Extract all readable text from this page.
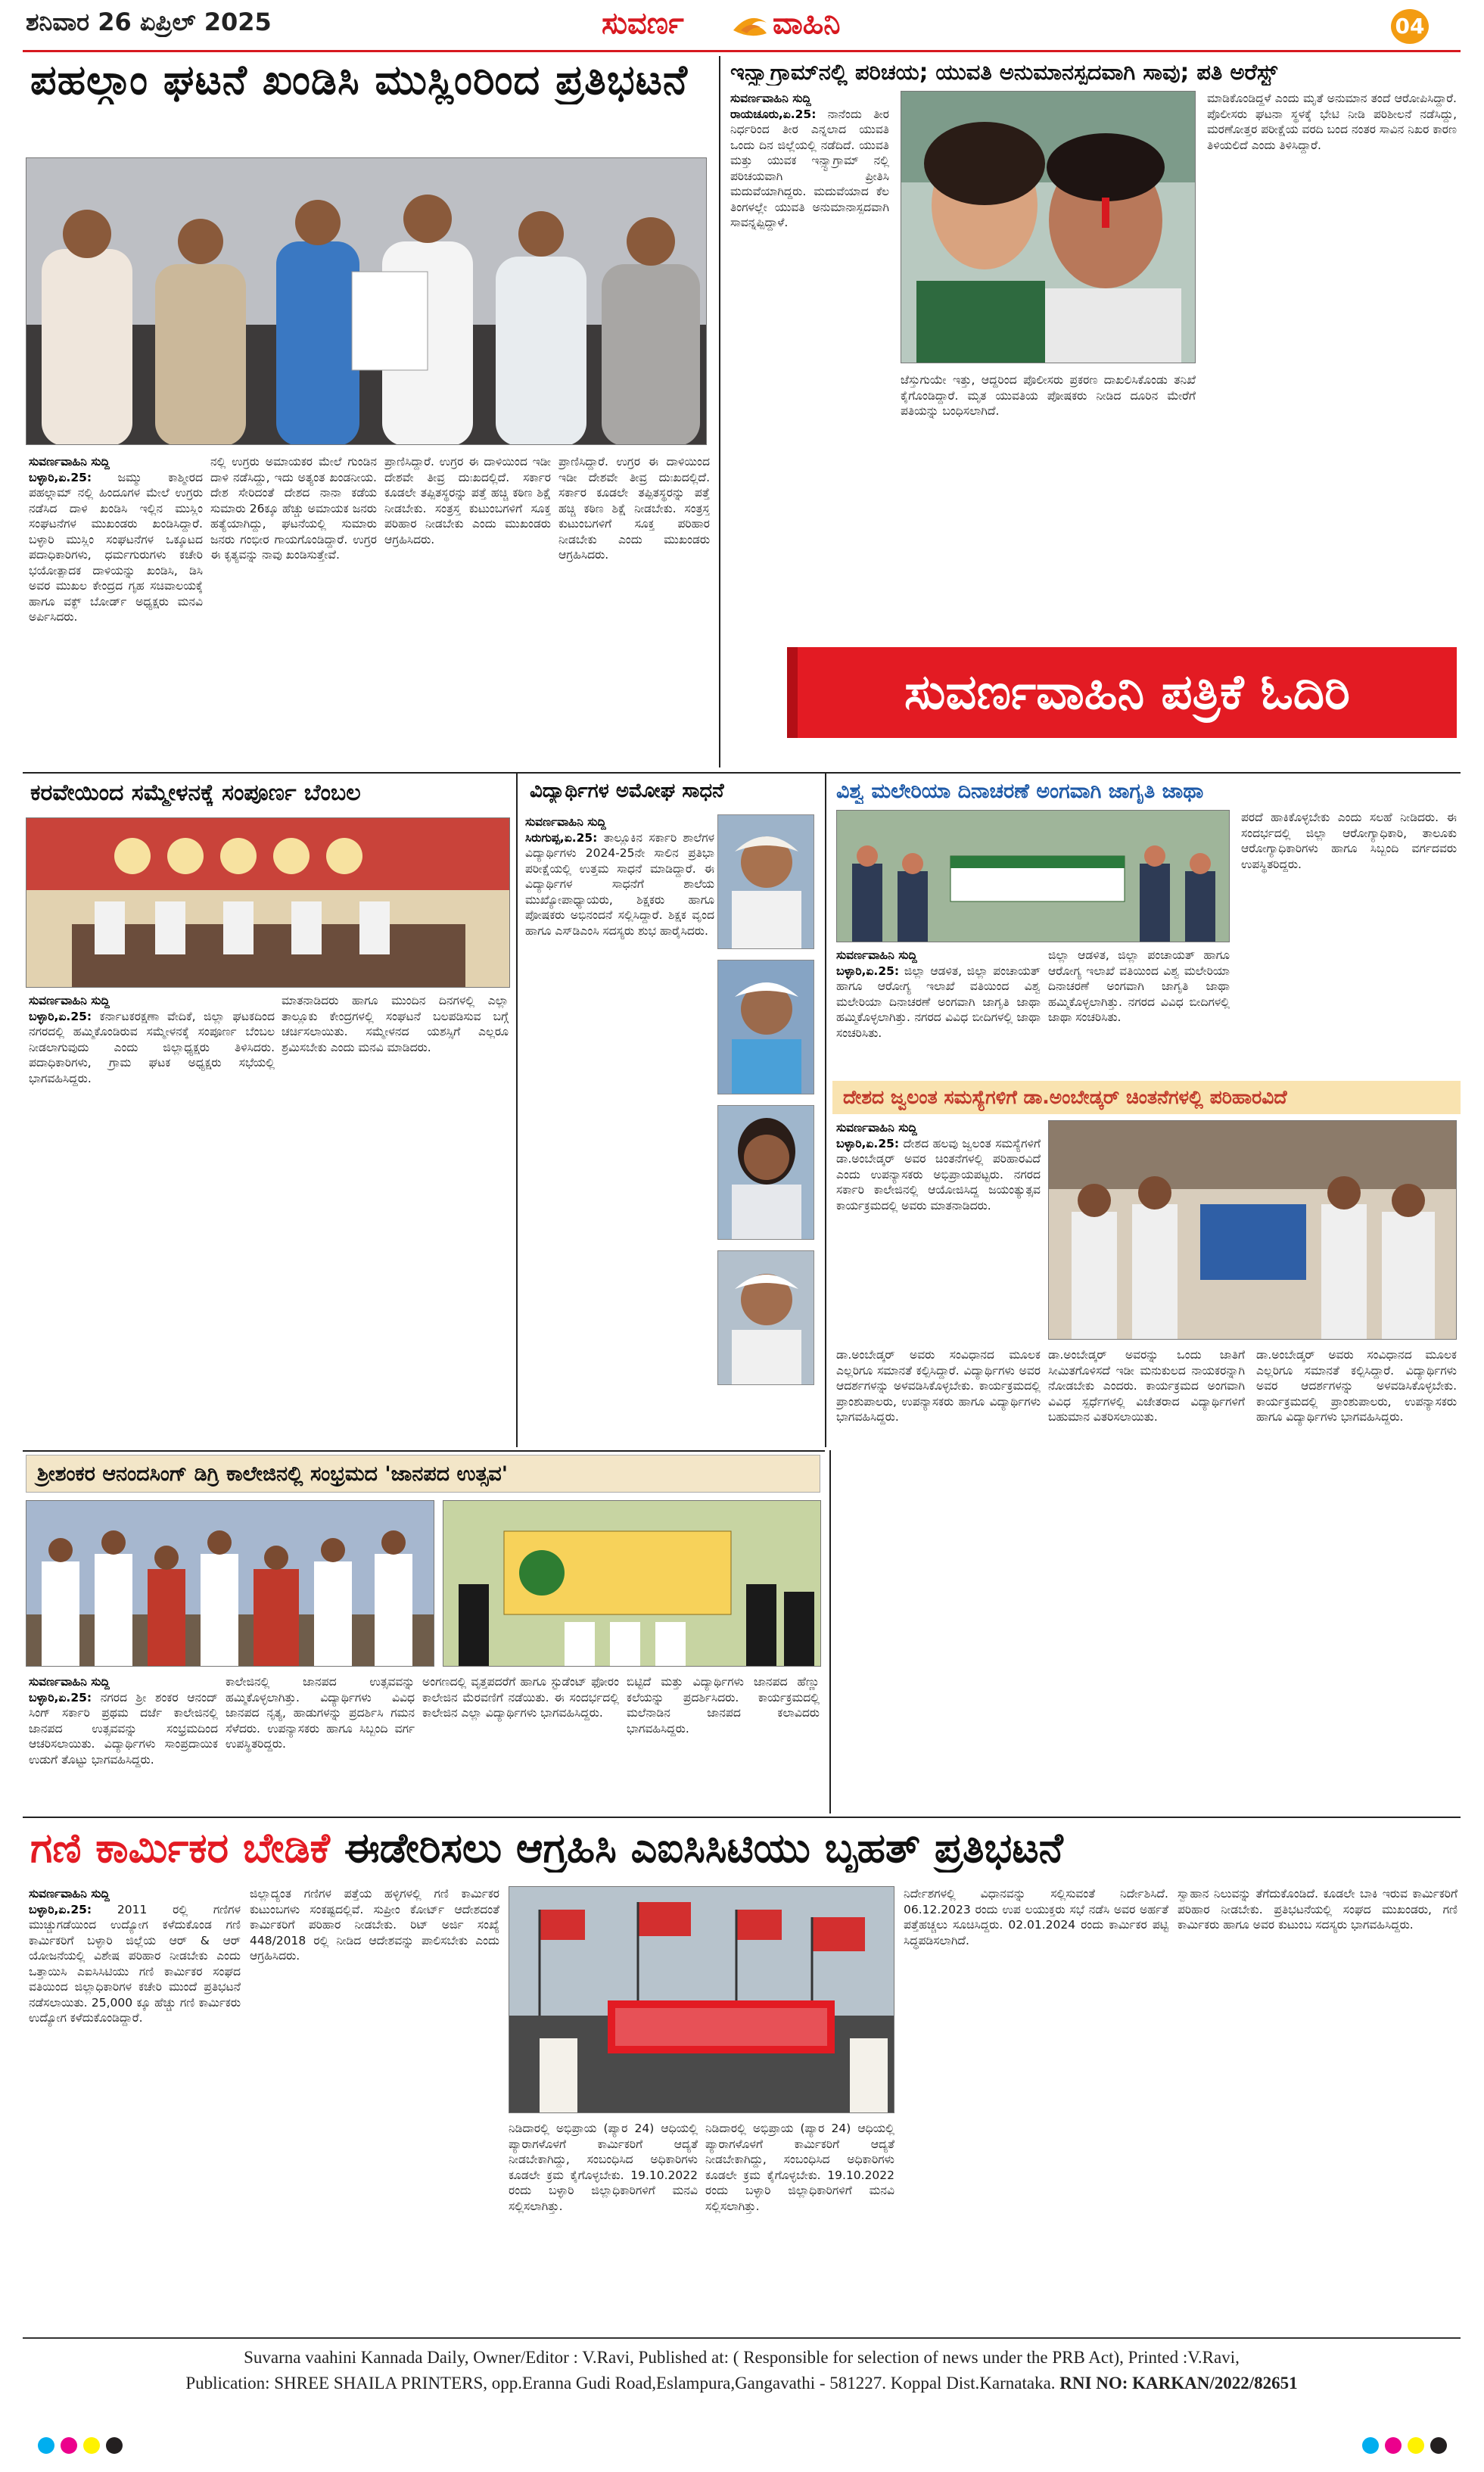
ಶನಿವಾರ 26 ಏಪ್ರಿಲ್ 2025	ಸುವರ್ಣ	ವಾಹಿನಿ	04
ಪಹಲ್ಗಾಂ ಘಟನೆ ಖಂಡಿಸಿ ಮುಸ್ಲಿಂರಿಂದ ಪ್ರತಿಭಟನೆ

ಸುವರ್ಣವಾಹಿನಿ ಸುದ್ದಿ
ಬಳ್ಳಾರಿ,ಏ.25: ಜಮ್ಮು ಕಾಶ್ಮೀರದ ಪಹಲ್ಗಾಮ್ ನಲ್ಲಿ ಹಿಂದೂಗಳ ಮೇಲೆ ಉಗ್ರರು ನಡೆಸಿದ ದಾಳಿ ಖಂಡಿಸಿ ಇಲ್ಲಿನ ಮುಸ್ಲಿಂ ಸಂಘಟನೆಗಳ ಮುಖಂಡರು ಖಂಡಿಸಿದ್ದಾರೆ. ಬಳ್ಳಾರಿ ಮುಸ್ಲಿಂ ಸಂಘಟನೆಗಳ ಒಕ್ಕೂಟದ ಪದಾಧಿಕಾರಿಗಳು, ಧರ್ಮಗುರುಗಳು ಕಚೇರಿ ಭಯೋತ್ಪಾದಕ ದಾಳಿಯನ್ನು ಖಂಡಿಸಿ, ಡಿಸಿ ಅವರ ಮುಖಲ ಕೇಂದ್ರದ ಗೃಹ ಸಚಿವಾಲಯಕ್ಕೆ ಹಾಗೂ ವಕ್ಫ್ ಬೋರ್ಡ್ ಅಧ್ಯಕ್ಷರು ಮನವಿ ಅರ್ಪಿಸಿದರು.

ನಲ್ಲಿ ಉಗ್ರರು ಅಮಾಯಕರ ಮೇಲೆ ಗುಂಡಿನ ದಾಳಿ ನಡೆಸಿದ್ದು, ಇದು ಅತ್ಯಂತ ಖಂಡನೀಯ. ದೇಶ ಸೇರಿದಂತೆ ದೇಶದ ನಾನಾ ಕಡೆಯ ಸುಮಾರು 26ಕ್ಕೂ ಹೆಚ್ಚು ಅಮಾಯಕ ಜನರು ಹತ್ಯೆಯಾಗಿದ್ದು, ಘಟನೆಯಲ್ಲಿ ಸುಮಾರು ಜನರು ಗಂಭೀರ ಗಾಯಗೊಂಡಿದ್ದಾರೆ. ಉಗ್ರರ ಈ ಕೃತ್ಯವನ್ನು ನಾವು ಖಂಡಿಸುತ್ತೇವೆ.

ಪ್ರಾಣಿಸಿದ್ದಾರೆ. ಉಗ್ರರ ಈ ದಾಳಿಯಿಂದ ಇಡೀ ದೇಶವೇ ತೀವ್ರ ದುಃಖದಲ್ಲಿದೆ. ಸರ್ಕಾರ ಕೂಡಲೇ ತಪ್ಪಿತಸ್ಥರನ್ನು ಪತ್ತೆ ಹಚ್ಚಿ ಕಠಿಣ ಶಿಕ್ಷೆ ನೀಡಬೇಕು. ಸಂತ್ರಸ್ತ ಕುಟುಂಬಗಳಿಗೆ ಸೂಕ್ತ ಪರಿಹಾರ ನೀಡಬೇಕು ಎಂದು ಮುಖಂಡರು ಆಗ್ರಹಿಸಿದರು.

ಪ್ರಾಣಿಸಿದ್ದಾರೆ. ಉಗ್ರರ ಈ ದಾಳಿಯಿಂದ ಇಡೀ ದೇಶವೇ ತೀವ್ರ ದುಃಖದಲ್ಲಿದೆ. ಸರ್ಕಾರ ಕೂಡಲೇ ತಪ್ಪಿತಸ್ಥರನ್ನು ಪತ್ತೆ ಹಚ್ಚಿ ಕಠಿಣ ಶಿಕ್ಷೆ ನೀಡಬೇಕು. ಸಂತ್ರಸ್ತ ಕುಟುಂಬಗಳಿಗೆ ಸೂಕ್ತ ಪರಿಹಾರ ನೀಡಬೇಕು ಎಂದು ಮುಖಂಡರು ಆಗ್ರಹಿಸಿದರು.

ಇನ್ಸ್ಟಾಗ್ರಾಮ್‌ನಲ್ಲಿ ಪರಿಚಯ; ಯುವತಿ ಅನುಮಾನಸ್ಪದವಾಗಿ ಸಾವು; ಪತಿ ಅರೆಸ್ಟ್

ಸುವರ್ಣವಾಹಿನಿ ಸುದ್ದಿ
ರಾಯಚೂರು,ಏ.25: ನಾನೆಂದು ತೀರ ನಿರ್ಧರಿಂದ ತೀರ ಎನ್ನಲಾದ ಯುವತಿ ಒಂದು ದಿನ ಜಿಲ್ಲೆಯಲ್ಲಿ ನಡೆದಿದೆ. ಯುವತಿ ಮತ್ತು ಯುವಕ ಇನ್ಸ್ಟಾಗ್ರಾಮ್ ನಲ್ಲಿ ಪರಿಚಯವಾಗಿ ಪ್ರೀತಿಸಿ ಮದುವೆಯಾಗಿದ್ದರು. ಮದುವೆಯಾದ ಕೆಲ ತಿಂಗಳಲ್ಲೇ ಯುವತಿ ಅನುಮಾನಾಸ್ಪದವಾಗಿ ಸಾವನ್ನಪ್ಪಿದ್ದಾಳೆ.

ಜೆಸ್ತುಗುಯೇ ಇತ್ತು, ಆದ್ದರಿಂದ ಪೊಲೀಸರು ಪ್ರಕರಣ ದಾಖಲಿಸಿಕೊಂಡು ತನಿಖೆ ಕೈಗೊಂಡಿದ್ದಾರೆ. ಮೃತ ಯುವತಿಯ ಪೋಷಕರು ನೀಡಿದ ದೂರಿನ ಮೇರೆಗೆ ಪತಿಯನ್ನು ಬಂಧಿಸಲಾಗಿದೆ.

ಮಾಡಿಕೊಂಡಿದ್ದಳೆ ಎಂದು ಮೃತೆ ಅನುಮಾನ ತಂದೆ ಆರೋಪಿಸಿದ್ದಾರೆ. ಪೊಲೀಸರು ಘಟನಾ ಸ್ಥಳಕ್ಕೆ ಭೇಟಿ ನೀಡಿ ಪರಿಶೀಲನೆ ನಡೆಸಿದ್ದು, ಮರಣೋತ್ತರ ಪರೀಕ್ಷೆಯ ವರದಿ ಬಂದ ನಂತರ ಸಾವಿನ ನಿಖರ ಕಾರಣ ತಿಳಿಯಲಿದೆ ಎಂದು ತಿಳಿಸಿದ್ದಾರೆ.

ಸುವರ್ಣವಾಹಿನಿ ಪತ್ರಿಕೆ ಓದಿರಿ
ಕರವೇಯಿಂದ ಸಮ್ಮೇಳನಕ್ಕೆ ಸಂಪೂರ್ಣ ಬೆಂಬಲ

ಸುವರ್ಣವಾಹಿನಿ ಸುದ್ದಿ
ಬಳ್ಳಾರಿ,ಏ.25: ಕರ್ನಾಟಕರಕ್ಷಣಾ ವೇದಿಕೆ, ಜಿಲ್ಲಾ ಘಟಕದಿಂದ ನಗರದಲ್ಲಿ ಹಮ್ಮಿಕೊಂಡಿರುವ ಸಮ್ಮೇಳನಕ್ಕೆ ಸಂಪೂರ್ಣ ಬೆಂಬಲ ನೀಡಲಾಗುವುದು ಎಂದು ಜಿಲ್ಲಾಧ್ಯಕ್ಷರು ತಿಳಿಸಿದರು. ಪದಾಧಿಕಾರಿಗಳು, ಗ್ರಾಮ ಘಟಕ ಅಧ್ಯಕ್ಷರು ಸಭೆಯಲ್ಲಿ ಭಾಗವಹಿಸಿದ್ದರು.

ಮಾತನಾಡಿದರು ಹಾಗೂ ಮುಂದಿನ ದಿನಗಳಲ್ಲಿ ಎಲ್ಲಾ ತಾಲ್ಲೂಕು ಕೇಂದ್ರಗಳಲ್ಲಿ ಸಂಘಟನೆ ಬಲಪಡಿಸುವ ಬಗ್ಗೆ ಚರ್ಚಿಸಲಾಯಿತು. ಸಮ್ಮೇಳನದ ಯಶಸ್ಸಿಗೆ ಎಲ್ಲರೂ ಶ್ರಮಿಸಬೇಕು ಎಂದು ಮನವಿ ಮಾಡಿದರು.

ವಿದ್ಯಾರ್ಥಿಗಳ ಅಮೋಘ ಸಾಧನೆ

ಸುವರ್ಣವಾಹಿನಿ ಸುದ್ದಿ
ಸಿರುಗುಪ್ಪ,ಏ.25: ತಾಲ್ಲೂಕಿನ ಸರ್ಕಾರಿ ಶಾಲೆಗಳ ವಿದ್ಯಾರ್ಥಿಗಳು 2024-25ನೇ ಸಾಲಿನ ಪ್ರತಿಭಾ ಪರೀಕ್ಷೆಯಲ್ಲಿ ಉತ್ತಮ ಸಾಧನೆ ಮಾಡಿದ್ದಾರೆ. ಈ ವಿದ್ಯಾರ್ಥಿಗಳ ಸಾಧನೆಗೆ ಶಾಲೆಯ ಮುಖ್ಯೋಪಾಧ್ಯಾಯರು, ಶಿಕ್ಷಕರು ಹಾಗೂ ಪೋಷಕರು ಅಭಿನಂದನೆ ಸಲ್ಲಿಸಿದ್ದಾರೆ. ಶಿಕ್ಷಕ ವೃಂದ ಹಾಗೂ ಎಸ್‌ಡಿಎಂಸಿ ಸದಸ್ಯರು ಶುಭ ಹಾರೈಸಿದರು.

ವಿಶ್ವ ಮಲೇರಿಯಾ ದಿನಾಚರಣೆ ಅಂಗವಾಗಿ ಜಾಗೃತಿ ಜಾಥಾ

ಸುವರ್ಣವಾಹಿನಿ ಸುದ್ದಿ
ಬಳ್ಳಾರಿ,ಏ.25: ಜಿಲ್ಲಾ ಆಡಳಿತ, ಜಿಲ್ಲಾ ಪಂಚಾಯತ್ ಹಾಗೂ ಆರೋಗ್ಯ ಇಲಾಖೆ ವತಿಯಿಂದ ವಿಶ್ವ ಮಲೇರಿಯಾ ದಿನಾಚರಣೆ ಅಂಗವಾಗಿ ಜಾಗೃತಿ ಜಾಥಾ ಹಮ್ಮಿಕೊಳ್ಳಲಾಗಿತ್ತು. ನಗರದ ವಿವಿಧ ಬೀದಿಗಳಲ್ಲಿ ಜಾಥಾ ಸಂಚರಿಸಿತು.

ಜಿಲ್ಲಾ ಆಡಳಿತ, ಜಿಲ್ಲಾ ಪಂಚಾಯತ್ ಹಾಗೂ ಆರೋಗ್ಯ ಇಲಾಖೆ ವತಿಯಿಂದ ವಿಶ್ವ ಮಲೇರಿಯಾ ದಿನಾಚರಣೆ ಅಂಗವಾಗಿ ಜಾಗೃತಿ ಜಾಥಾ ಹಮ್ಮಿಕೊಳ್ಳಲಾಗಿತ್ತು. ನಗರದ ವಿವಿಧ ಬೀದಿಗಳಲ್ಲಿ ಜಾಥಾ ಸಂಚರಿಸಿತು.

ಪರದೆ ಹಾಕಿಕೊಳ್ಳಬೇಕು ಎಂದು ಸಲಹೆ ನೀಡಿದರು. ಈ ಸಂದರ್ಭದಲ್ಲಿ ಜಿಲ್ಲಾ ಆರೋಗ್ಯಾಧಿಕಾರಿ, ತಾಲೂಕು ಆರೋಗ್ಯಾಧಿಕಾರಿಗಳು ಹಾಗೂ ಸಿಬ್ಬಂದಿ ವರ್ಗದವರು ಉಪಸ್ಥಿತರಿದ್ದರು.

ದೇಶದ ಜ್ವಲಂತ ಸಮಸ್ಯೆಗಳಿಗೆ ಡಾ.ಅಂಬೇಡ್ಕರ್ ಚಿಂತನೆಗಳಲ್ಲಿ ಪರಿಹಾರವಿದೆ

ಸುವರ್ಣವಾಹಿನಿ ಸುದ್ದಿ
ಬಳ್ಳಾರಿ,ಏ.25: ದೇಶದ ಹಲವು ಜ್ವಲಂತ ಸಮಸ್ಯೆಗಳಿಗೆ ಡಾ.ಅಂಬೇಡ್ಕರ್ ಅವರ ಚಿಂತನೆಗಳಲ್ಲಿ ಪರಿಹಾರವಿದೆ ಎಂದು ಉಪನ್ಯಾಸಕರು ಅಭಿಪ್ರಾಯಪಟ್ಟರು. ನಗರದ ಸರ್ಕಾರಿ ಕಾಲೇಜಿನಲ್ಲಿ ಆಯೋಜಿಸಿದ್ದ ಜಯಂತ್ಯುತ್ಸವ ಕಾರ್ಯಕ್ರಮದಲ್ಲಿ ಅವರು ಮಾತನಾಡಿದರು.

ಡಾ.ಅಂಬೇಡ್ಕರ್ ಅವರು ಸಂವಿಧಾನದ ಮೂಲಕ ಎಲ್ಲರಿಗೂ ಸಮಾನತೆ ಕಲ್ಪಿಸಿದ್ದಾರೆ. ವಿದ್ಯಾರ್ಥಿಗಳು ಅವರ ಆದರ್ಶಗಳನ್ನು ಅಳವಡಿಸಿಕೊಳ್ಳಬೇಕು. ಕಾರ್ಯಕ್ರಮದಲ್ಲಿ ಪ್ರಾಂಶುಪಾಲರು, ಉಪನ್ಯಾಸಕರು ಹಾಗೂ ವಿದ್ಯಾರ್ಥಿಗಳು ಭಾಗವಹಿಸಿದ್ದರು.

ಡಾ.ಅಂಬೇಡ್ಕರ್ ಅವರನ್ನು ಒಂದು ಜಾತಿಗೆ ಸೀಮಿತಗೊಳಿಸದೆ ಇಡೀ ಮನುಕುಲದ ನಾಯಕರನ್ನಾಗಿ ನೋಡಬೇಕು ಎಂದರು. ಕಾರ್ಯಕ್ರಮದ ಅಂಗವಾಗಿ ವಿವಿಧ ಸ್ಪರ್ಧೆಗಳಲ್ಲಿ ವಿಜೇತರಾದ ವಿದ್ಯಾರ್ಥಿಗಳಿಗೆ ಬಹುಮಾನ ವಿತರಿಸಲಾಯಿತು.

ಡಾ.ಅಂಬೇಡ್ಕರ್ ಅವರು ಸಂವಿಧಾನದ ಮೂಲಕ ಎಲ್ಲರಿಗೂ ಸಮಾನತೆ ಕಲ್ಪಿಸಿದ್ದಾರೆ. ವಿದ್ಯಾರ್ಥಿಗಳು ಅವರ ಆದರ್ಶಗಳನ್ನು ಅಳವಡಿಸಿಕೊಳ್ಳಬೇಕು. ಕಾರ್ಯಕ್ರಮದಲ್ಲಿ ಪ್ರಾಂಶುಪಾಲರು, ಉಪನ್ಯಾಸಕರು ಹಾಗೂ ವಿದ್ಯಾರ್ಥಿಗಳು ಭಾಗವಹಿಸಿದ್ದರು.

ಶ್ರೀಶಂಕರ ಆನಂದಸಿಂಗ್ ಡಿಗ್ರಿ ಕಾಲೇಜಿನಲ್ಲಿ ಸಂಭ್ರಮದ 'ಜಾನಪದ ಉತ್ಸವ'

ಸುವರ್ಣವಾಹಿನಿ ಸುದ್ದಿ
ಬಳ್ಳಾರಿ,ಏ.25: ನಗರದ ಶ್ರೀ ಶಂಕರ ಆನಂದ್ ಸಿಂಗ್ ಸರ್ಕಾರಿ ಪ್ರಥಮ ದರ್ಜೆ ಕಾಲೇಜಿನಲ್ಲಿ ಜಾನಪದ ಉತ್ಸವವನ್ನು ಸಂಭ್ರಮದಿಂದ ಆಚರಿಸಲಾಯಿತು. ವಿದ್ಯಾರ್ಥಿಗಳು ಸಾಂಪ್ರದಾಯಿಕ ಉಡುಗೆ ತೊಟ್ಟು ಭಾಗವಹಿಸಿದ್ದರು.

ಕಾಲೇಜಿನಲ್ಲಿ ಜಾನಪದ ಉತ್ಸವವನ್ನು ಹಮ್ಮಿಕೊಳ್ಳಲಾಗಿತ್ತು. ವಿದ್ಯಾರ್ಥಿಗಳು ವಿವಿಧ ಜಾನಪದ ನೃತ್ಯ, ಹಾಡುಗಳನ್ನು ಪ್ರದರ್ಶಿಸಿ ಗಮನ ಸೆಳೆದರು. ಉಪನ್ಯಾಸಕರು ಹಾಗೂ ಸಿಬ್ಬಂದಿ ವರ್ಗ ಉಪಸ್ಥಿತರಿದ್ದರು.

ಅಂಗಣದಲ್ಲಿ ವೃತ್ತಪದರೆಗೆ ಹಾಗೂ ಸ್ಟುಡೆಂಟ್ ಫೋರಂ ಕಾಲೇಜಿನ ಮೆರವಣಿಗೆ ನಡೆಯಿತು. ಈ ಸಂದರ್ಭದಲ್ಲಿ ಕಾಲೇಜಿನ ಎಲ್ಲಾ ವಿದ್ಯಾರ್ಥಿಗಳು ಭಾಗವಹಿಸಿದ್ದರು.

ಬಿಟ್ಟಿದೆ ಮತ್ತು ವಿದ್ಯಾರ್ಥಿಗಳು ಜಾನಪದ ಹೆಣ್ಣು ಕಲೆಯನ್ನು ಪ್ರದರ್ಶಿಸಿದರು. ಕಾರ್ಯಕ್ರಮದಲ್ಲಿ ಮಲೆನಾಡಿನ ಜಾನಪದ ಕಲಾವಿದರು ಭಾಗವಹಿಸಿದ್ದರು.

ಗಣಿ ಕಾರ್ಮಿಕರ ಬೇಡಿಕೆ ಈಡೇರಿಸಲು ಆಗ್ರಹಿಸಿ ಎಐಸಿಸಿಟಿಯು ಬೃಹತ್ ಪ್ರತಿಭಟನೆ

ಸುವರ್ಣವಾಹಿನಿ ಸುದ್ದಿ
ಬಳ್ಳಾರಿ,ಏ.25: 2011 ರಲ್ಲಿ ಗಣಿಗಳ ಮುಚ್ಚುಗಡೆಯಿಂದ ಉದ್ಯೋಗ ಕಳೆದುಕೊಂಡ ಗಣಿ ಕಾರ್ಮಿಕರಿಗೆ ಬಳ್ಳಾರಿ ಜಿಲ್ಲೆಯ ಆರ್ & ಆರ್ ಯೋಜನೆಯಲ್ಲಿ ವಿಶೇಷ ಪರಿಹಾರ ನೀಡಬೇಕು ಎಂದು ಒತ್ತಾಯಿಸಿ ಎಐಸಿಸಿಟಿಯು ಗಣಿ ಕಾರ್ಮಿಕರ ಸಂಘದ ವತಿಯಿಂದ ಜಿಲ್ಲಾಧಿಕಾರಿಗಳ ಕಚೇರಿ ಮುಂದೆ ಪ್ರತಿಭಟನೆ ನಡೆಸಲಾಯಿತು. 25,000 ಕ್ಕೂ ಹೆಚ್ಚು ಗಣಿ ಕಾರ್ಮಿಕರು ಉದ್ಯೋಗ ಕಳೆದುಕೊಂಡಿದ್ದಾರೆ.

ಜಿಲ್ಲಾದ್ಯಂತ ಗಣಿಗಳ ಪತ್ತೆಯ ಹಳ್ಳಿಗಳಲ್ಲಿ ಗಣಿ ಕಾರ್ಮಿಕರ ಕುಟುಂಬಗಳು ಸಂಕಷ್ಟದಲ್ಲಿವೆ. ಸುಪ್ರೀಂ ಕೋರ್ಟ್ ಆದೇಶದಂತೆ ಕಾರ್ಮಿಕರಿಗೆ ಪರಿಹಾರ ನೀಡಬೇಕು. ರಿಟ್ ಅರ್ಜಿ ಸಂಖ್ಯೆ 448/2018 ರಲ್ಲಿ ನೀಡಿದ ಆದೇಶವನ್ನು ಪಾಲಿಸಬೇಕು ಎಂದು ಆಗ್ರಹಿಸಿದರು.

ನಿಡಿದಾರಲ್ಲಿ ಅಭಿಪ್ರಾಯ (ಪ್ಯಾರ 24) ಆಧಿಯಲ್ಲಿ ಪ್ಯಾರಾಗಳೊಳಗೆ ಕಾರ್ಮಿಕರಿಗೆ ಆದ್ಯತೆ ನೀಡಬೇಕಾಗಿದ್ದು, ಸಂಬಂಧಿಸಿದ ಅಧಿಕಾರಿಗಳು ಕೂಡಲೇ ಕ್ರಮ ಕೈಗೊಳ್ಳಬೇಕು. 19.10.2022 ರಂದು ಬಳ್ಳಾರಿ ಜಿಲ್ಲಾಧಿಕಾರಿಗಳಿಗೆ ಮನವಿ ಸಲ್ಲಿಸಲಾಗಿತ್ತು.

ನಿಡಿದಾರಲ್ಲಿ ಅಭಿಪ್ರಾಯ (ಪ್ಯಾರ 24) ಆಧಿಯಲ್ಲಿ ಪ್ಯಾರಾಗಳೊಳಗೆ ಕಾರ್ಮಿಕರಿಗೆ ಆದ್ಯತೆ ನೀಡಬೇಕಾಗಿದ್ದು, ಸಂಬಂಧಿಸಿದ ಅಧಿಕಾರಿಗಳು ಕೂಡಲೇ ಕ್ರಮ ಕೈಗೊಳ್ಳಬೇಕು. 19.10.2022 ರಂದು ಬಳ್ಳಾರಿ ಜಿಲ್ಲಾಧಿಕಾರಿಗಳಿಗೆ ಮನವಿ ಸಲ್ಲಿಸಲಾಗಿತ್ತು.

ನಿರ್ದೇಶಗಳಲ್ಲಿ ವಿಧಾನವನ್ನು ಸಲ್ಲಿಸುವಂತೆ ನಿರ್ದೇಶಿಸಿದೆ. 06.12.2023 ರಂದು ಉಪ ಲಯುಕ್ತರು ಸಭೆ ನಡೆಸಿ ಅವರ ಅರ್ಹತೆ ಪತ್ತೆಹಚ್ಚಲು ಸೂಚಿಸಿದ್ದರು. 02.01.2024 ರಂದು ಕಾರ್ಮಿಕರ ಪಟ್ಟಿ ಸಿದ್ಧಪಡಿಸಲಾಗಿದೆ.

ಸ್ವಾಹಾನ ನಿಲುವನ್ನು ತೆಗೆದುಕೊಂಡಿದೆ. ಕೂಡಲೇ ಬಾಕಿ ಇರುವ ಕಾರ್ಮಿಕರಿಗೆ ಪರಿಹಾರ ನೀಡಬೇಕು. ಪ್ರತಿಭಟನೆಯಲ್ಲಿ ಸಂಘದ ಮುಖಂಡರು, ಗಣಿ ಕಾರ್ಮಿಕರು ಹಾಗೂ ಅವರ ಕುಟುಂಬ ಸದಸ್ಯರು ಭಾಗವಹಿಸಿದ್ದರು.

Suvarna vaahini Kannada Daily, Owner/Editor : V.Ravi, Published at: ( Responsible for selection of news under the PRB Act), Printed :V.Ravi,
Publication: SHREE SHAILA PRINTERS, opp.Eranna Gudi Road,Eslampura,Gangavathi - 581227. Koppal Dist.Karnataka. RNI NO: KARKAN/2022/82651
